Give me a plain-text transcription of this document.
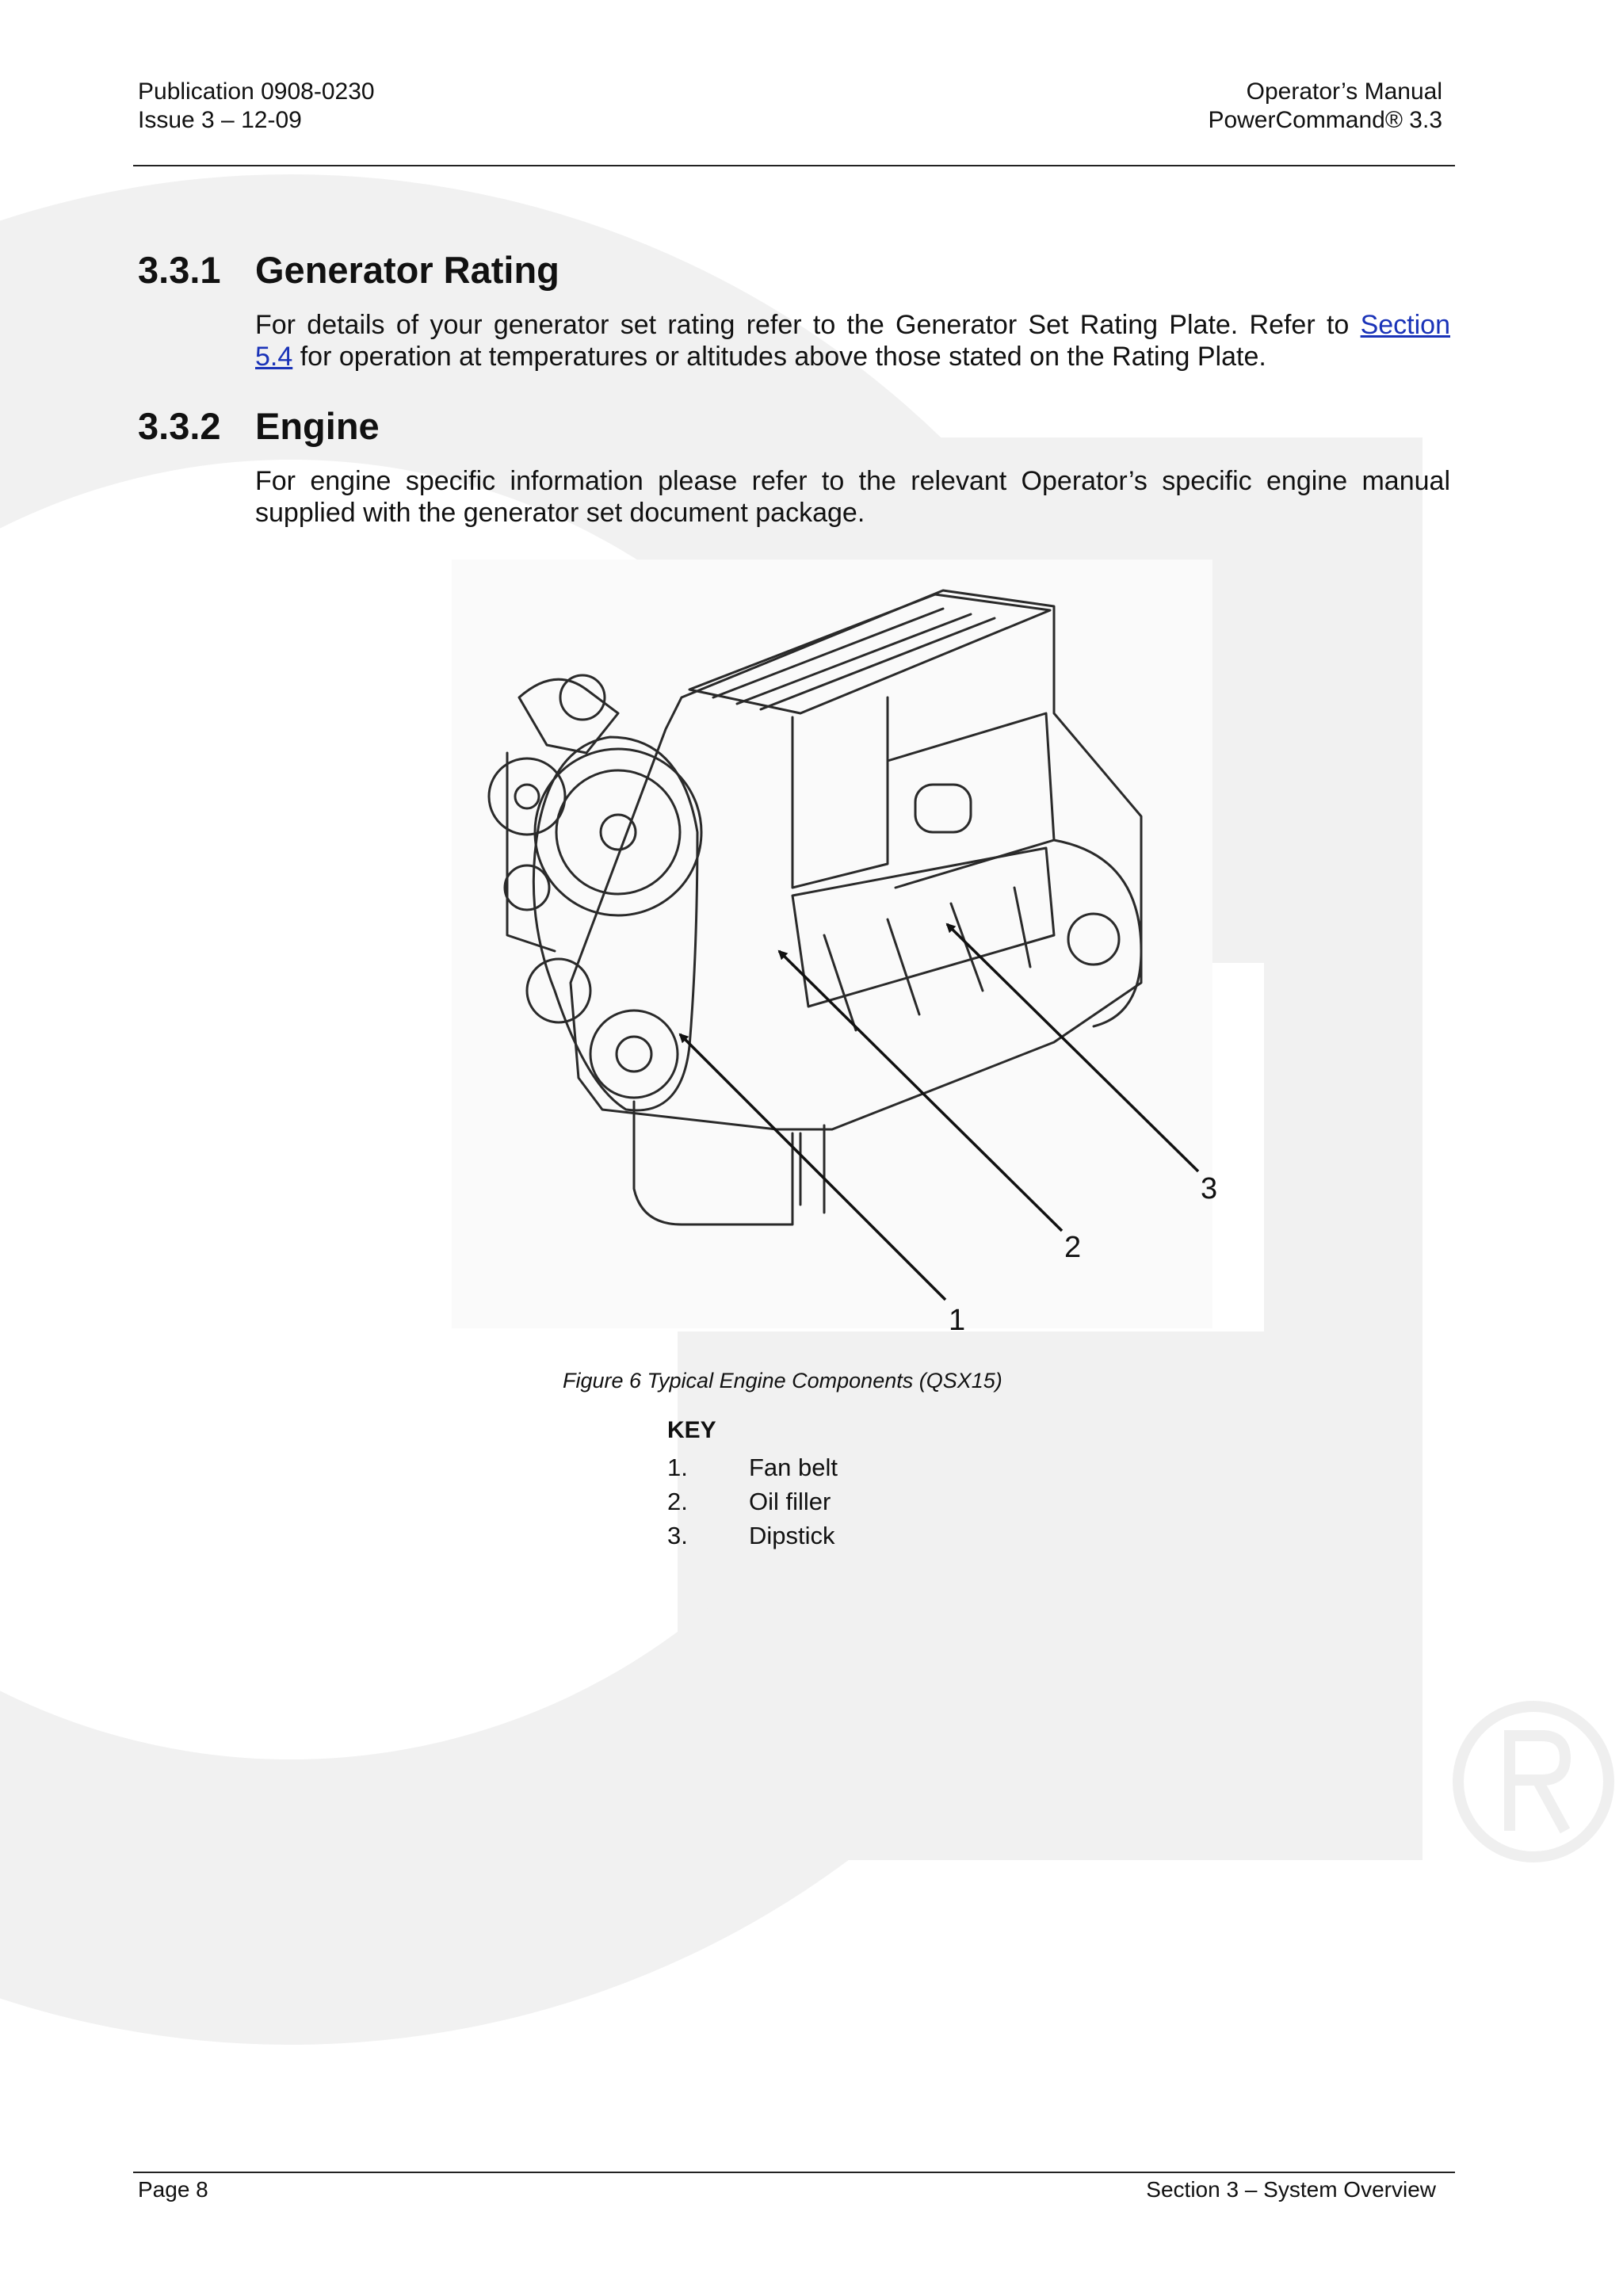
Publication 0908-0230
Issue 3 – 12-09
Operator’s Manual
PowerCommand® 3.3
3.3.1 Generator Rating
For details of your generator set rating refer to the Generator Set Rating Plate. Refer to Section
5.4 for operation at temperatures or altitudes above those stated on the Rating Plate.
3.3.2 Engine
For engine specific information please refer to the relevant Operator’s specific engine manual
supplied with the generator set document package.
1
2
3
Figure 6 Typical Engine Components (QSX15)
KEY
1. Fan belt
2. Oil filler
3. Dipstick
Page 8	Section 3 – System Overview
